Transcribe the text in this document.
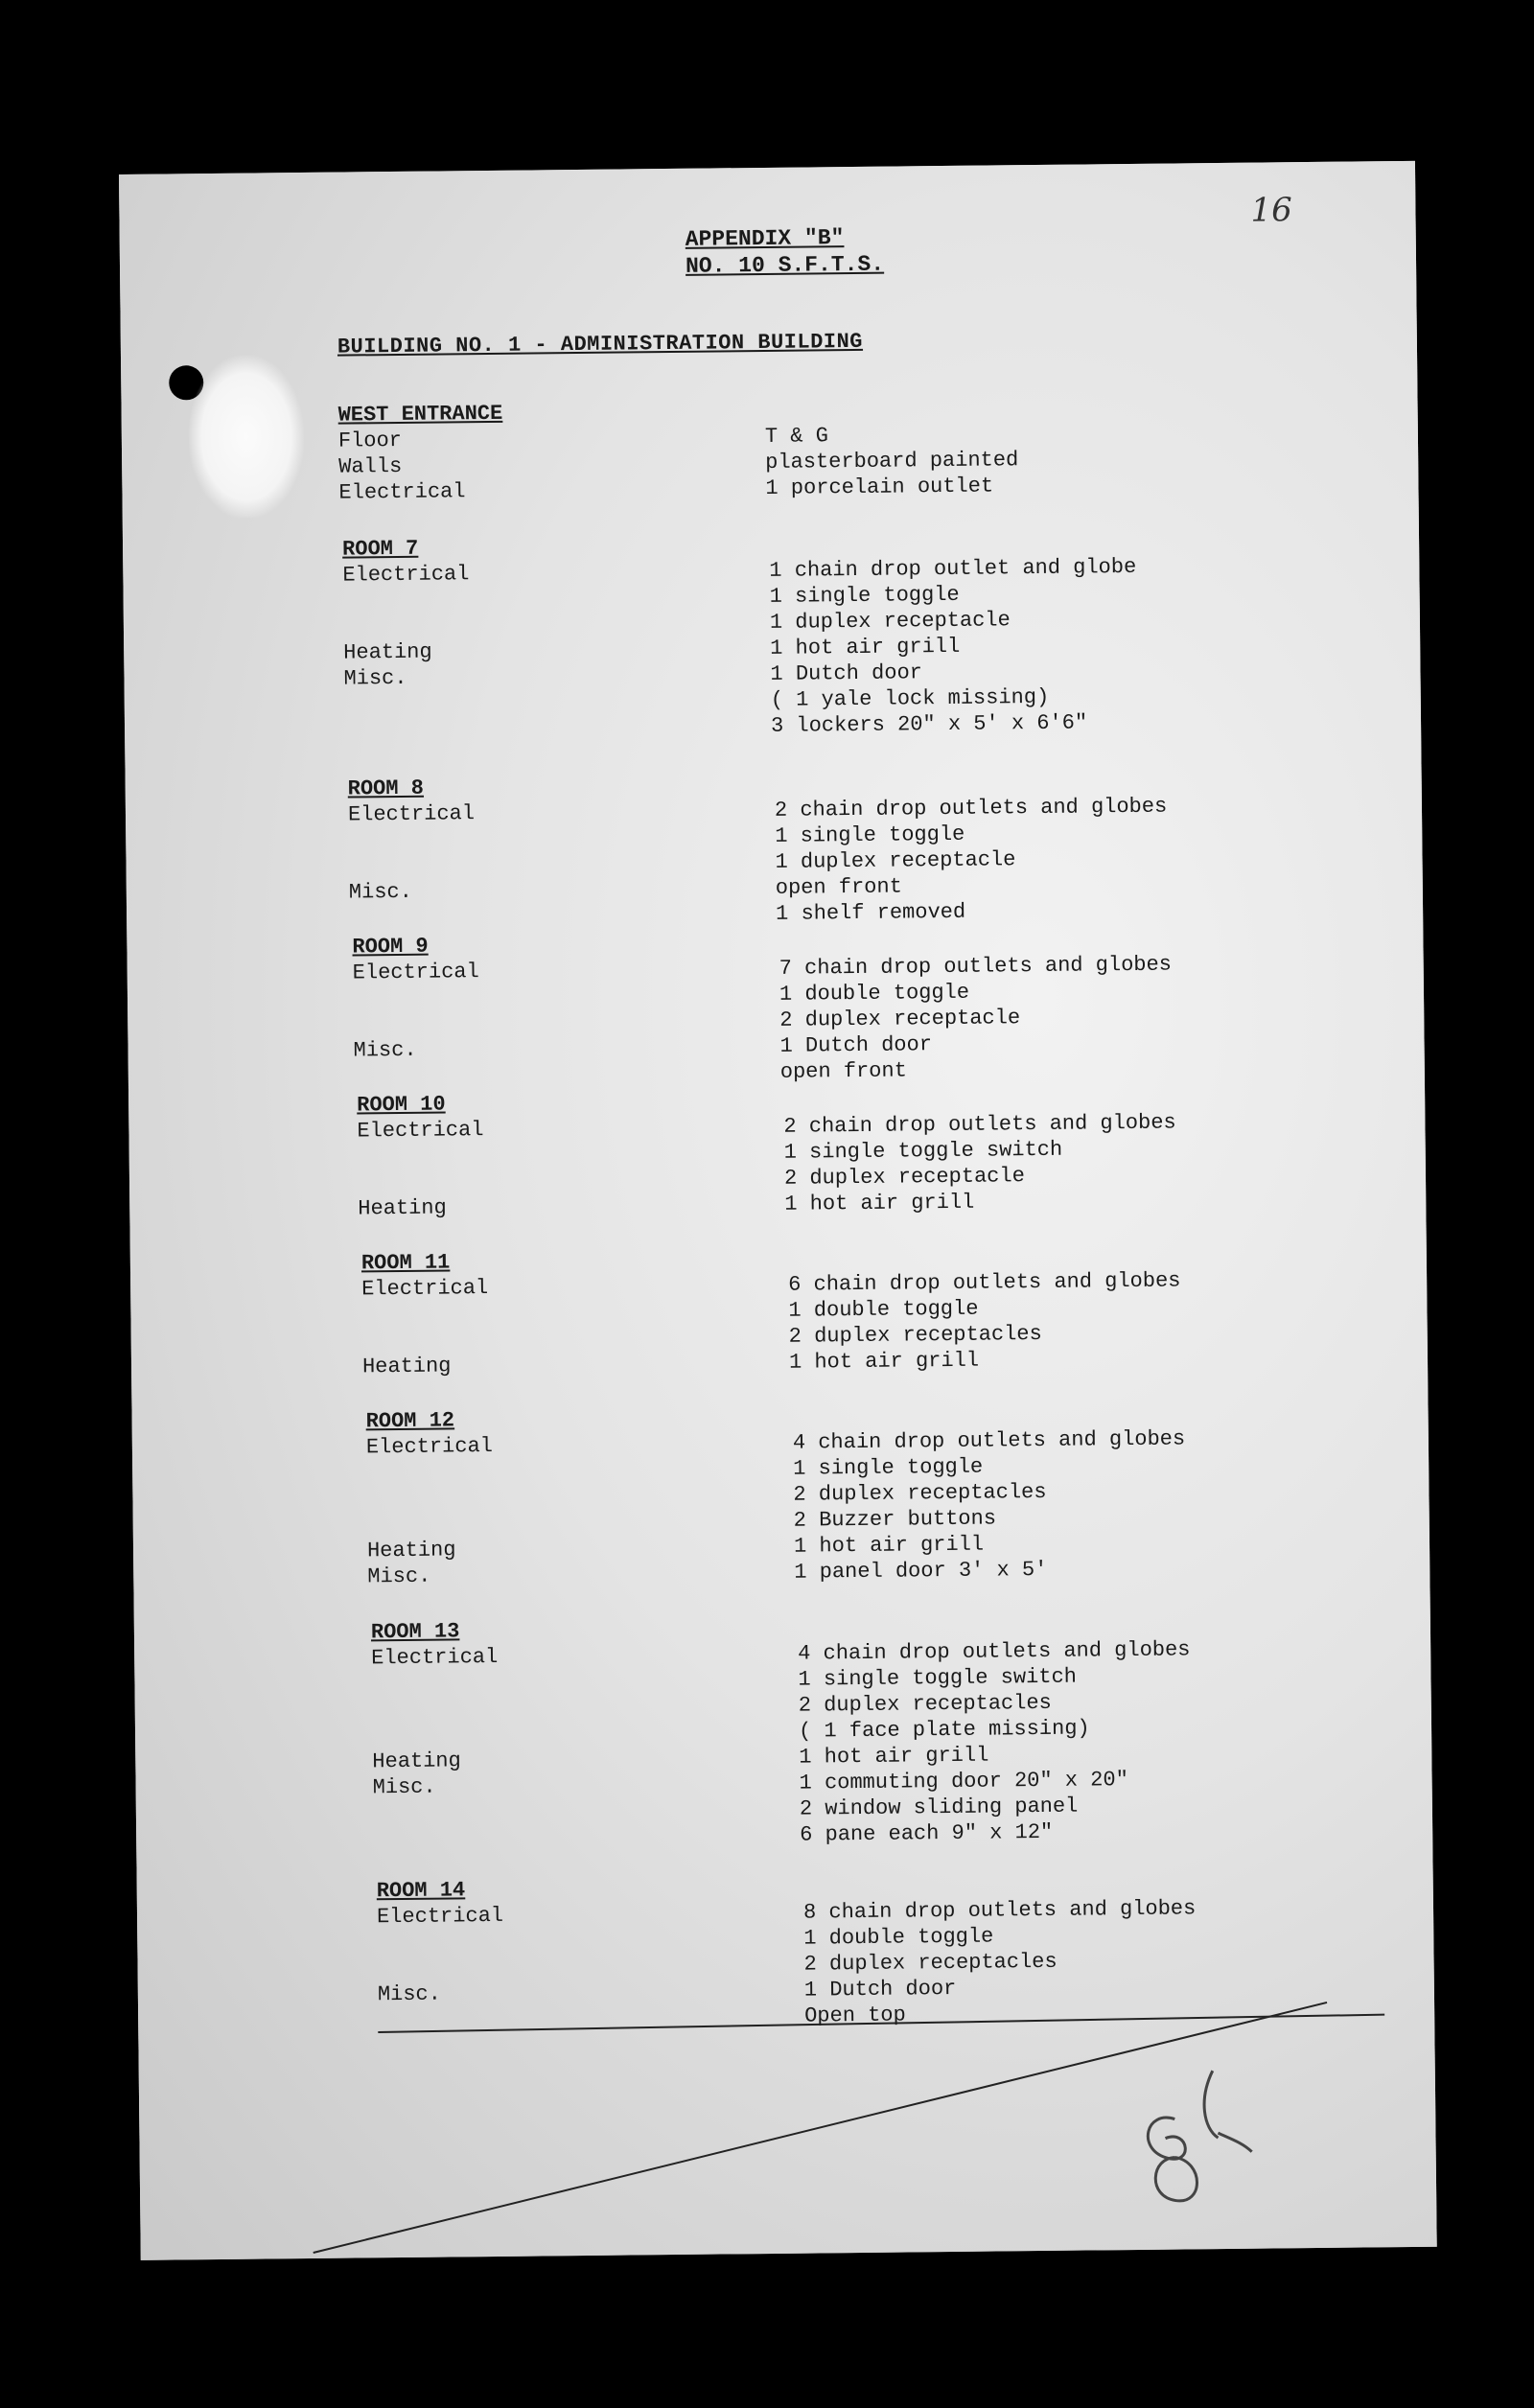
16
APPENDIX "B"
NO. 10 S.F.T.S.
BUILDING NO. 1 - ADMINISTRATION BUILDING
WEST ENTRANCE
Floor	T & G
Walls	plasterboard painted
Electrical	1 porcelain outlet
ROOM 7
Electrical	1 chain drop outlet and globe
1 single toggle
1 duplex receptacle
Heating	1 hot air grill
Misc.	1 Dutch door
( 1 yale lock missing)
3 lockers 20" x 5' x 6'6"
ROOM 8
Electrical	2 chain drop outlets and globes
1 single toggle
1 duplex receptacle
Misc.	open front
1 shelf removed
ROOM 9
Electrical	7 chain drop outlets and globes
1 double toggle
2 duplex receptacle
Misc.	1 Dutch door
open front
ROOM 10
Electrical	2 chain drop outlets and globes
1 single toggle switch
2 duplex receptacle
Heating	1 hot air grill
ROOM 11
Electrical	6 chain drop outlets and globes
1 double toggle
2 duplex receptacles
Heating	1 hot air grill
ROOM 12
Electrical	4 chain drop outlets and globes
1 single toggle
2 duplex receptacles
2 Buzzer buttons
Heating	1 hot air grill
Misc.	1 panel door 3' x 5'
ROOM 13
Electrical	4 chain drop outlets and globes
1 single toggle switch
2 duplex receptacles
( 1 face plate missing)
Heating	1 hot air grill
Misc.	1 commuting door 20" x 20"
2 window sliding panel
6 pane each 9" x 12"
ROOM 14
Electrical	8 chain drop outlets and globes
1 double toggle
2 duplex receptacles
Misc.	1 Dutch door
Open top
